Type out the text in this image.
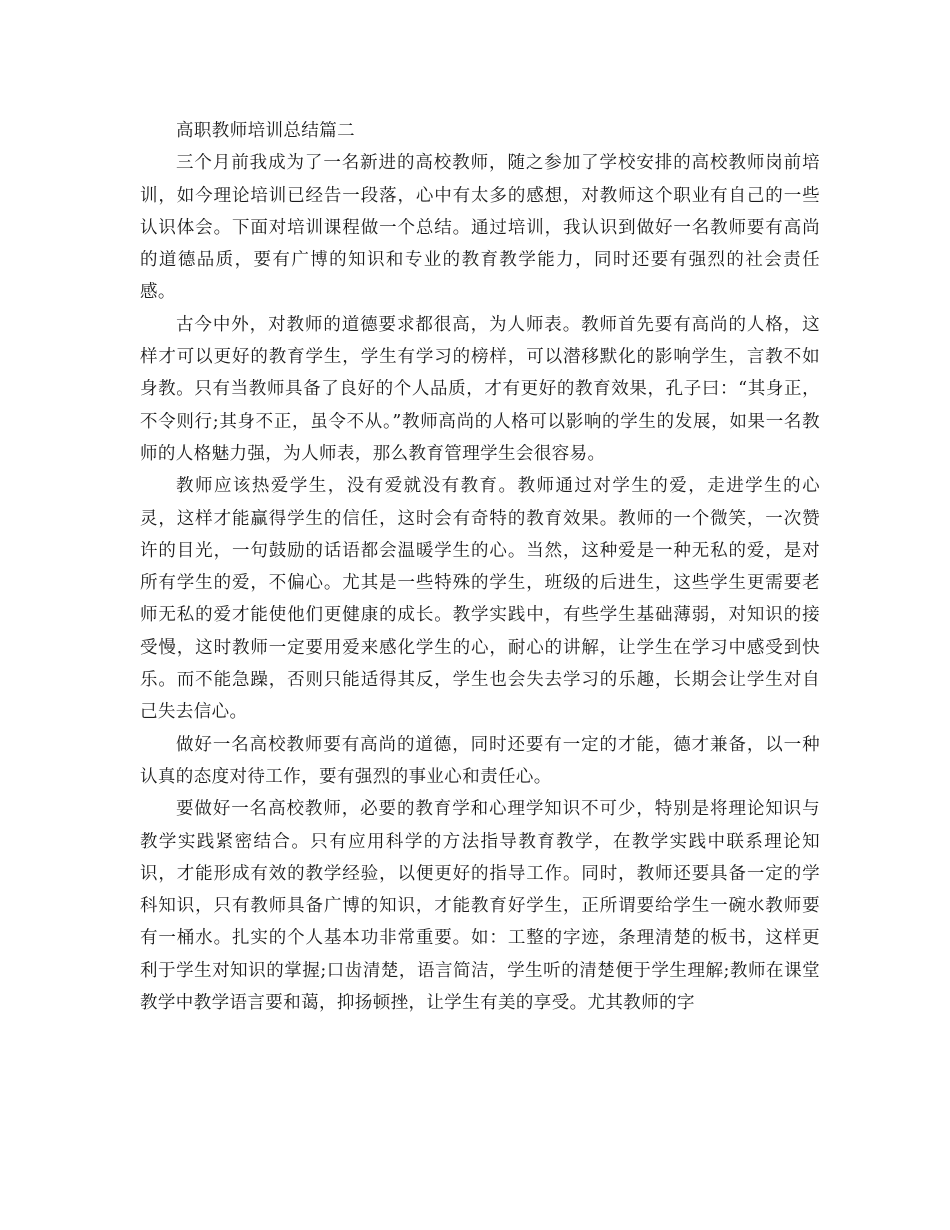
高职教师培训总结篇二

三个月前我成为了一名新进的高校教师，随之参加了学校安排的高校教师岗前培训，如今理论培训已经告一段落，心中有太多的感想，对教师这个职业有自己的一些认识体会。下面对培训课程做一个总结。通过培训，我认识到做好一名教师要有高尚的道德品质，要有广博的知识和专业的教育教学能力，同时还要有强烈的社会责任感。

古今中外，对教师的道德要求都很高，为人师表。教师首先要有高尚的人格，这样才可以更好的教育学生，学生有学习的榜样，可以潜移默化的影响学生，言教不如身教。只有当教师具备了良好的个人品质，才有更好的教育效果，孔子曰：“其身正，不令则行;其身不正，虽令不从。”教师高尚的人格可以影响的学生的发展，如果一名教师的人格魅力强，为人师表，那么教育管理学生会很容易。

教师应该热爱学生，没有爱就没有教育。教师通过对学生的爱，走进学生的心灵，这样才能赢得学生的信任，这时会有奇特的教育效果。教师的一个微笑，一次赞许的目光，一句鼓励的话语都会温暖学生的心。当然，这种爱是一种无私的爱，是对所有学生的爱，不偏心。尤其是一些特殊的学生，班级的后进生，这些学生更需要老师无私的爱才能使他们更健康的成长。教学实践中，有些学生基础薄弱，对知识的接受慢，这时教师一定要用爱来感化学生的心，耐心的讲解，让学生在学习中感受到快乐。而不能急躁，否则只能适得其反，学生也会失去学习的乐趣，长期会让学生对自己失去信心。

做好一名高校教师要有高尚的道德，同时还要有一定的才能，德才兼备，以一种认真的态度对待工作，要有强烈的事业心和责任心。

要做好一名高校教师，必要的教育学和心理学知识不可少，特别是将理论知识与教学实践紧密结合。只有应用科学的方法指导教育教学，在教学实践中联系理论知识，才能形成有效的教学经验，以便更好的指导工作。同时，教师还要具备一定的学科知识，只有教师具备广博的知识，才能教育好学生，正所谓要给学生一碗水教师要有一桶水。扎实的个人基本功非常重要。如：工整的字迹，条理清楚的板书，这样更利于学生对知识的掌握;口齿清楚，语言简洁，学生听的清楚便于学生理解;教师在课堂教学中教学语言要和蔼，抑扬顿挫，让学生有美的享受。尤其教师的字
